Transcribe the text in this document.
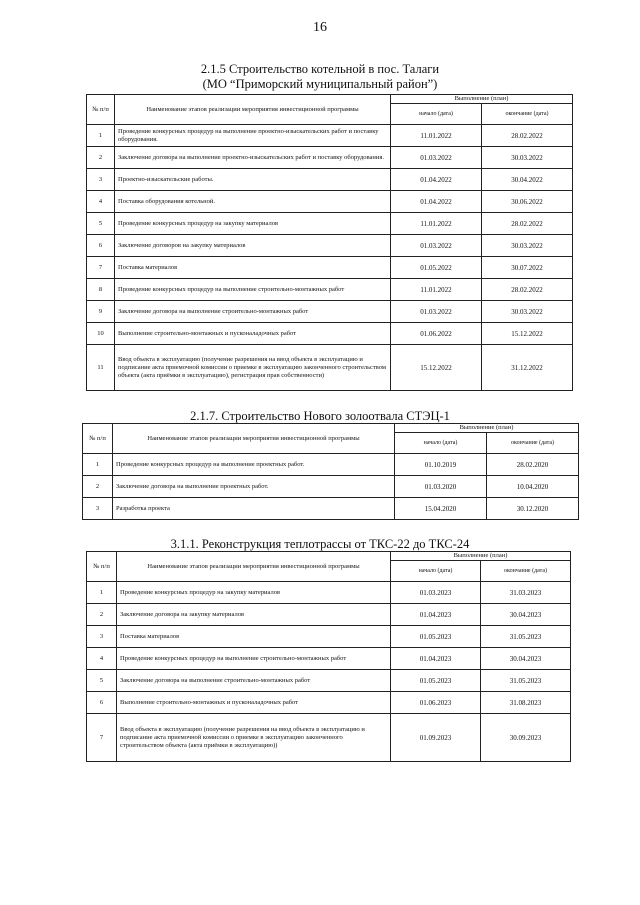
16
2.1.5 Строительство котельной в пос. Талаги
(МО “Приморский муниципальный район”)
№ п/п	Наименование этапов реализации мероприятия инвестиционной программы	Выполнение (план)	
		начало (дата)	окончание (дата)
1	Проведение конкурсных процедур на выполнение проектно-изыскательских работ и поставку оборудования.	11.01.2022	28.02.2022
2	Заключение договора на выполнение проектно-изыскательских работ и поставку оборудования.	01.03.2022	30.03.2022
3	Проектно-изыскательские работы.	01.04.2022	30.04.2022
4	Поставка оборудования котельной.	01.04.2022	30.06.2022
5	Проведение конкурсных процедур на закупку материалов	11.01.2022	28.02.2022
6	Заключение договоров на закупку материалов	01.03.2022	30.03.2022
7	Поставка материалов	01.05.2022	30.07.2022
8	Проведение конкурсных процедур на выполнение строительно-монтажных работ	11.01.2022	28.02.2022
9	Заключение договора на выполнение строительно-монтажных работ	01.03.2022	30.03.2022
10	Выполнение строительно-монтажных и пусконаладочных работ	01.06.2022	15.12.2022
11	Ввод объекта в эксплуатацию (получение разрешения на ввод объекта в эксплуатацию и подписание акта приемочной комиссии о приемке в эксплуатацию законченного строительством объекта (акта приёмки в эксплуатацию), регистрация прав собственности)	15.12.2022	31.12.2022
2.1.7. Строительство Нового золоотвала СТЭЦ-1
№ п/п	Наименование этапов реализации мероприятия инвестиционной программы	Выполнение (план)	
		начало (дата)	окончание (дата)
1	Проведение конкурсных процедур на выполнение проектных работ.	01.10.2019	28.02.2020
2	Заключение договора на выполнение проектных работ.	01.03.2020	10.04.2020
3	Разработка проекта	15.04.2020	30.12.2020
3.1.1. Реконструкция теплотрассы от ТКС-22 до ТКС-24
№ п/п	Наименование этапов реализации мероприятия инвестиционной программы	Выполнение (план)	
		начало (дата)	окончание (дата)
1	Проведение конкурсных процедур на закупку материалов	01.03.2023	31.03.2023
2	Заключение договора на закупку материалов	01.04.2023	30.04.2023
3	Поставка материалов	01.05.2023	31.05.2023
4	Проведение конкурсных процедур на выполнение строительно-монтажных работ	01.04.2023	30.04.2023
5	Заключение договора на выполнение строительно-монтажных работ	01.05.2023	31.05.2023
6	Выполнение строительно-монтажных и пусконаладочных работ	01.06.2023	31.08.2023
7	Ввод объекта в эксплуатацию (получение разрешения на ввод объекта в эксплуатацию и подписание акта приемочной комиссии о приемке в эксплуатацию законченного строительством объекта (акта приёмки в эксплуатацию))	01.09.2023	30.09.2023
